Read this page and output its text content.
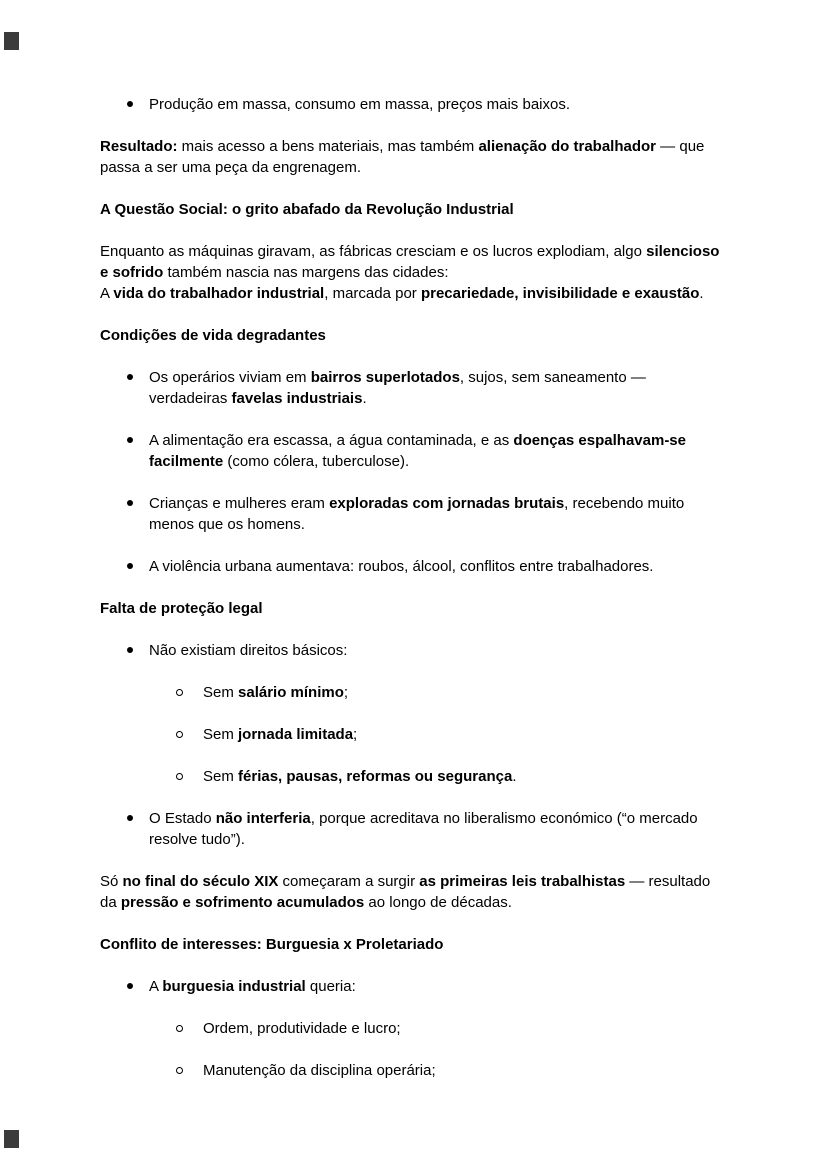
Produção em massa, consumo em massa, preços mais baixos.

Resultado: mais acesso a bens materiais, mas também alienação do trabalhador — que passa a ser uma peça da engrenagem.

A Questão Social: o grito abafado da Revolução Industrial

Enquanto as máquinas giravam, as fábricas cresciam e os lucros explodiam, algo silencioso e sofrido também nascia nas margens das cidades:
A vida do trabalhador industrial, marcada por precariedade, invisibilidade e exaustão.

Condições de vida degradantes
Os operários viviam em bairros superlotados, sujos, sem saneamento — verdadeiras favelas industriais.
A alimentação era escassa, a água contaminada, e as doenças espalhavam-se facilmente (como cólera, tuberculose).
Crianças e mulheres eram exploradas com jornadas brutais, recebendo muito menos que os homens.
A violência urbana aumentava: roubos, álcool, conflitos entre trabalhadores.
Falta de proteção legal
Não existiam direitos básicos:
Sem salário mínimo;
Sem jornada limitada;
Sem férias, pausas, reformas ou segurança.
O Estado não interferia, porque acreditava no liberalismo económico (“o mercado resolve tudo”).

Só no final do século XIX começaram a surgir as primeiras leis trabalhistas — resultado da pressão e sofrimento acumulados ao longo de décadas.

Conflito de interesses: Burguesia x Proletariado
A burguesia industrial queria:
Ordem, produtividade e lucro;
Manutenção da disciplina operária;
